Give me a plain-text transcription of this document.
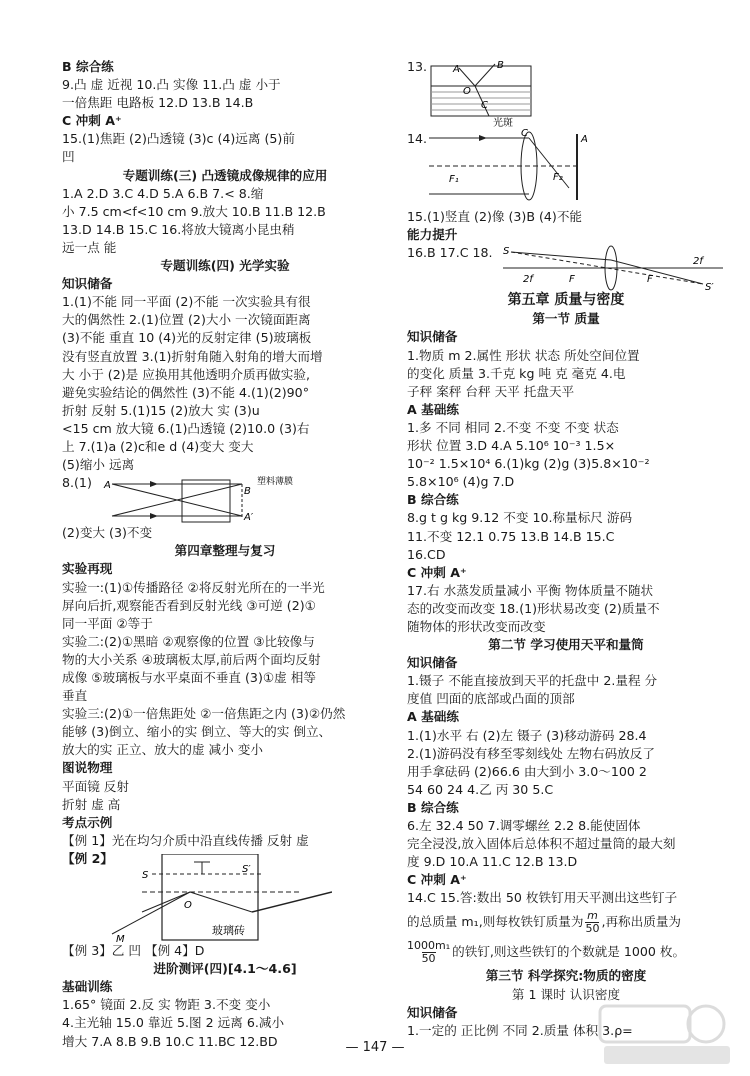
B 综合练
9.凸 虚 近视 10.凸 实像 11.凸 虚 小于
一倍焦距 电路板 12.D 13.B 14.B
C 冲刺 A⁺
15.(1)焦距 (2)凸透镜 (3)c (4)远离 (5)前
凹
专题训练(三) 凸透镜成像规律的应用
1.A 2.D 3.C 4.D 5.A 6.B 7.< 8.缩
小 7.5 cm<f<10 cm 9.放大 10.B 11.B 12.B
13.D 14.B 15.C 16.将放大镜离小昆虫稍
远一点 能
专题训练(四) 光学实验
知识储备
1.(1)不能 同一平面 (2)不能 一次实验具有很
大的偶然性 2.(1)位置 (2)大小 一次镜面距离
(3)不能 重直 10 (4)光的反射定律 (5)玻璃板
没有竖直放置 3.(1)折射角随入射角的增大而增
大 小于 (2)是 应换用其他透明介质再做实验,
避免实验结论的偶然性 (3)不能 4.(1)(2)90°
折射 反射 5.(1)15 (2)放大 实 (3)u
<15 cm 放大镜 6.(1)凸透镜 (2)10.0 (3)右
上 7.(1)a (2)c和e d (4)变大 变大
(5)缩小 远离
8.(1)	A
B
A′
塑料薄膜
(2)变大 (3)不变
第四章整理与复习
实验再现
实验一:(1)①传播路径 ②将反射光所在的一半光
屏向后折,观察能否看到反射光线 ③可逆 (2)①
同一平面 ②等于
实验二:(2)①黑暗 ②观察像的位置 ③比较像与
物的大小关系 ④玻璃板太厚,前后两个面均反射
成像 ⑤玻璃板与水平桌面不垂直 (3)①虚 相等
垂直
实验三:(2)①一倍焦距处 ②一倍焦距之内 (3)②仍然
能够 (3)倒立、缩小的实 倒立、等大的实 倒立、
放大的实 正立、放大的虚 减小 变小
图说物理
平面镜 反射
折射 虚 高
考点示例
【例 1】光在均匀介质中沿直线传播 反射 虚
【例 2】
S
S′
O
M
玻璃砖
【例 3】乙 凹 【例 4】D
进阶测评(四)[4.1～4.6]
基础训练
1.65° 镜面 2.反 实 物距 3.不变 变小
4.主光轴 15.0 靠近 5.图 2 远离 6.减小
增大 7.A 8.B 9.B 10.C 11.BC 12.BD
13.	A	B
O
C
光斑
14.	C
A
F₁	F₂
15.(1)竖直 (2)像 (3)B (4)不能
能力提升
16.B 17.C 18.	S
S′
2f	F	F
2f
第五章 质量与密度
第一节 质量
知识储备
1.物质 m 2.属性 形状 状态 所处空间位置
的变化 质量 3.千克 kg 吨 克 毫克 4.电
子秤 案秤 台秤 天平 托盘天平
A 基础练
1.多 不同 相同 2.不变 不变 不变 状态
形状 位置 3.D 4.A 5.10⁶ 10⁻³ 1.5×
10⁻² 1.5×10⁴ 6.(1)kg (2)g (3)5.8×10⁻²
5.8×10⁶ (4)g 7.D
B 综合练
8.g t g kg 9.12 不变 10.称量标尺 游码
11.不变 12.1 0.75 13.B 14.B 15.C
16.CD
C 冲刺 A⁺
17.右 水蒸发质量减小 平衡 物体质量不随状
态的改变而改变 18.(1)形状易改变 (2)质量不
随物体的形状改变而改变
第二节 学习使用天平和量筒
知识储备
1.镊子 不能直接放到天平的托盘中 2.量程 分
度值 凹面的底部或凸面的顶部
A 基础练
1.(1)水平 右 (2)左 镊子 (3)移动游码 28.4
2.(1)游码没有移至零刻线处 左物右码放反了
用手拿砝码 (2)66.6 由大到小 3.0～100 2
54 60 24 4.乙 丙 30 5.C
B 综合练
6.左 32.4 50 7.调零螺丝 2.2 8.能使固体
完全浸没,放入固体后总体积不超过量筒的最大刻
度 9.D 10.A 11.C 12.B 13.D
C 冲刺 A⁺
14.C 15.答:数出 50 枚铁钉用天平测出这些钉子
的总质量 m₁,则每枚铁钉质量为 $\frac{m}{50}$ ,再称出质量为
$\frac{\text{1000m₁}}{50}$ 的铁钉,则这些铁钉的个数就是 1000 枚。
第三节 科学探究:物质的密度
第 1 课时 认识密度
知识储备
1.一定的 正比例 不同 2.质量 体积 3.ρ=
— 147 —
